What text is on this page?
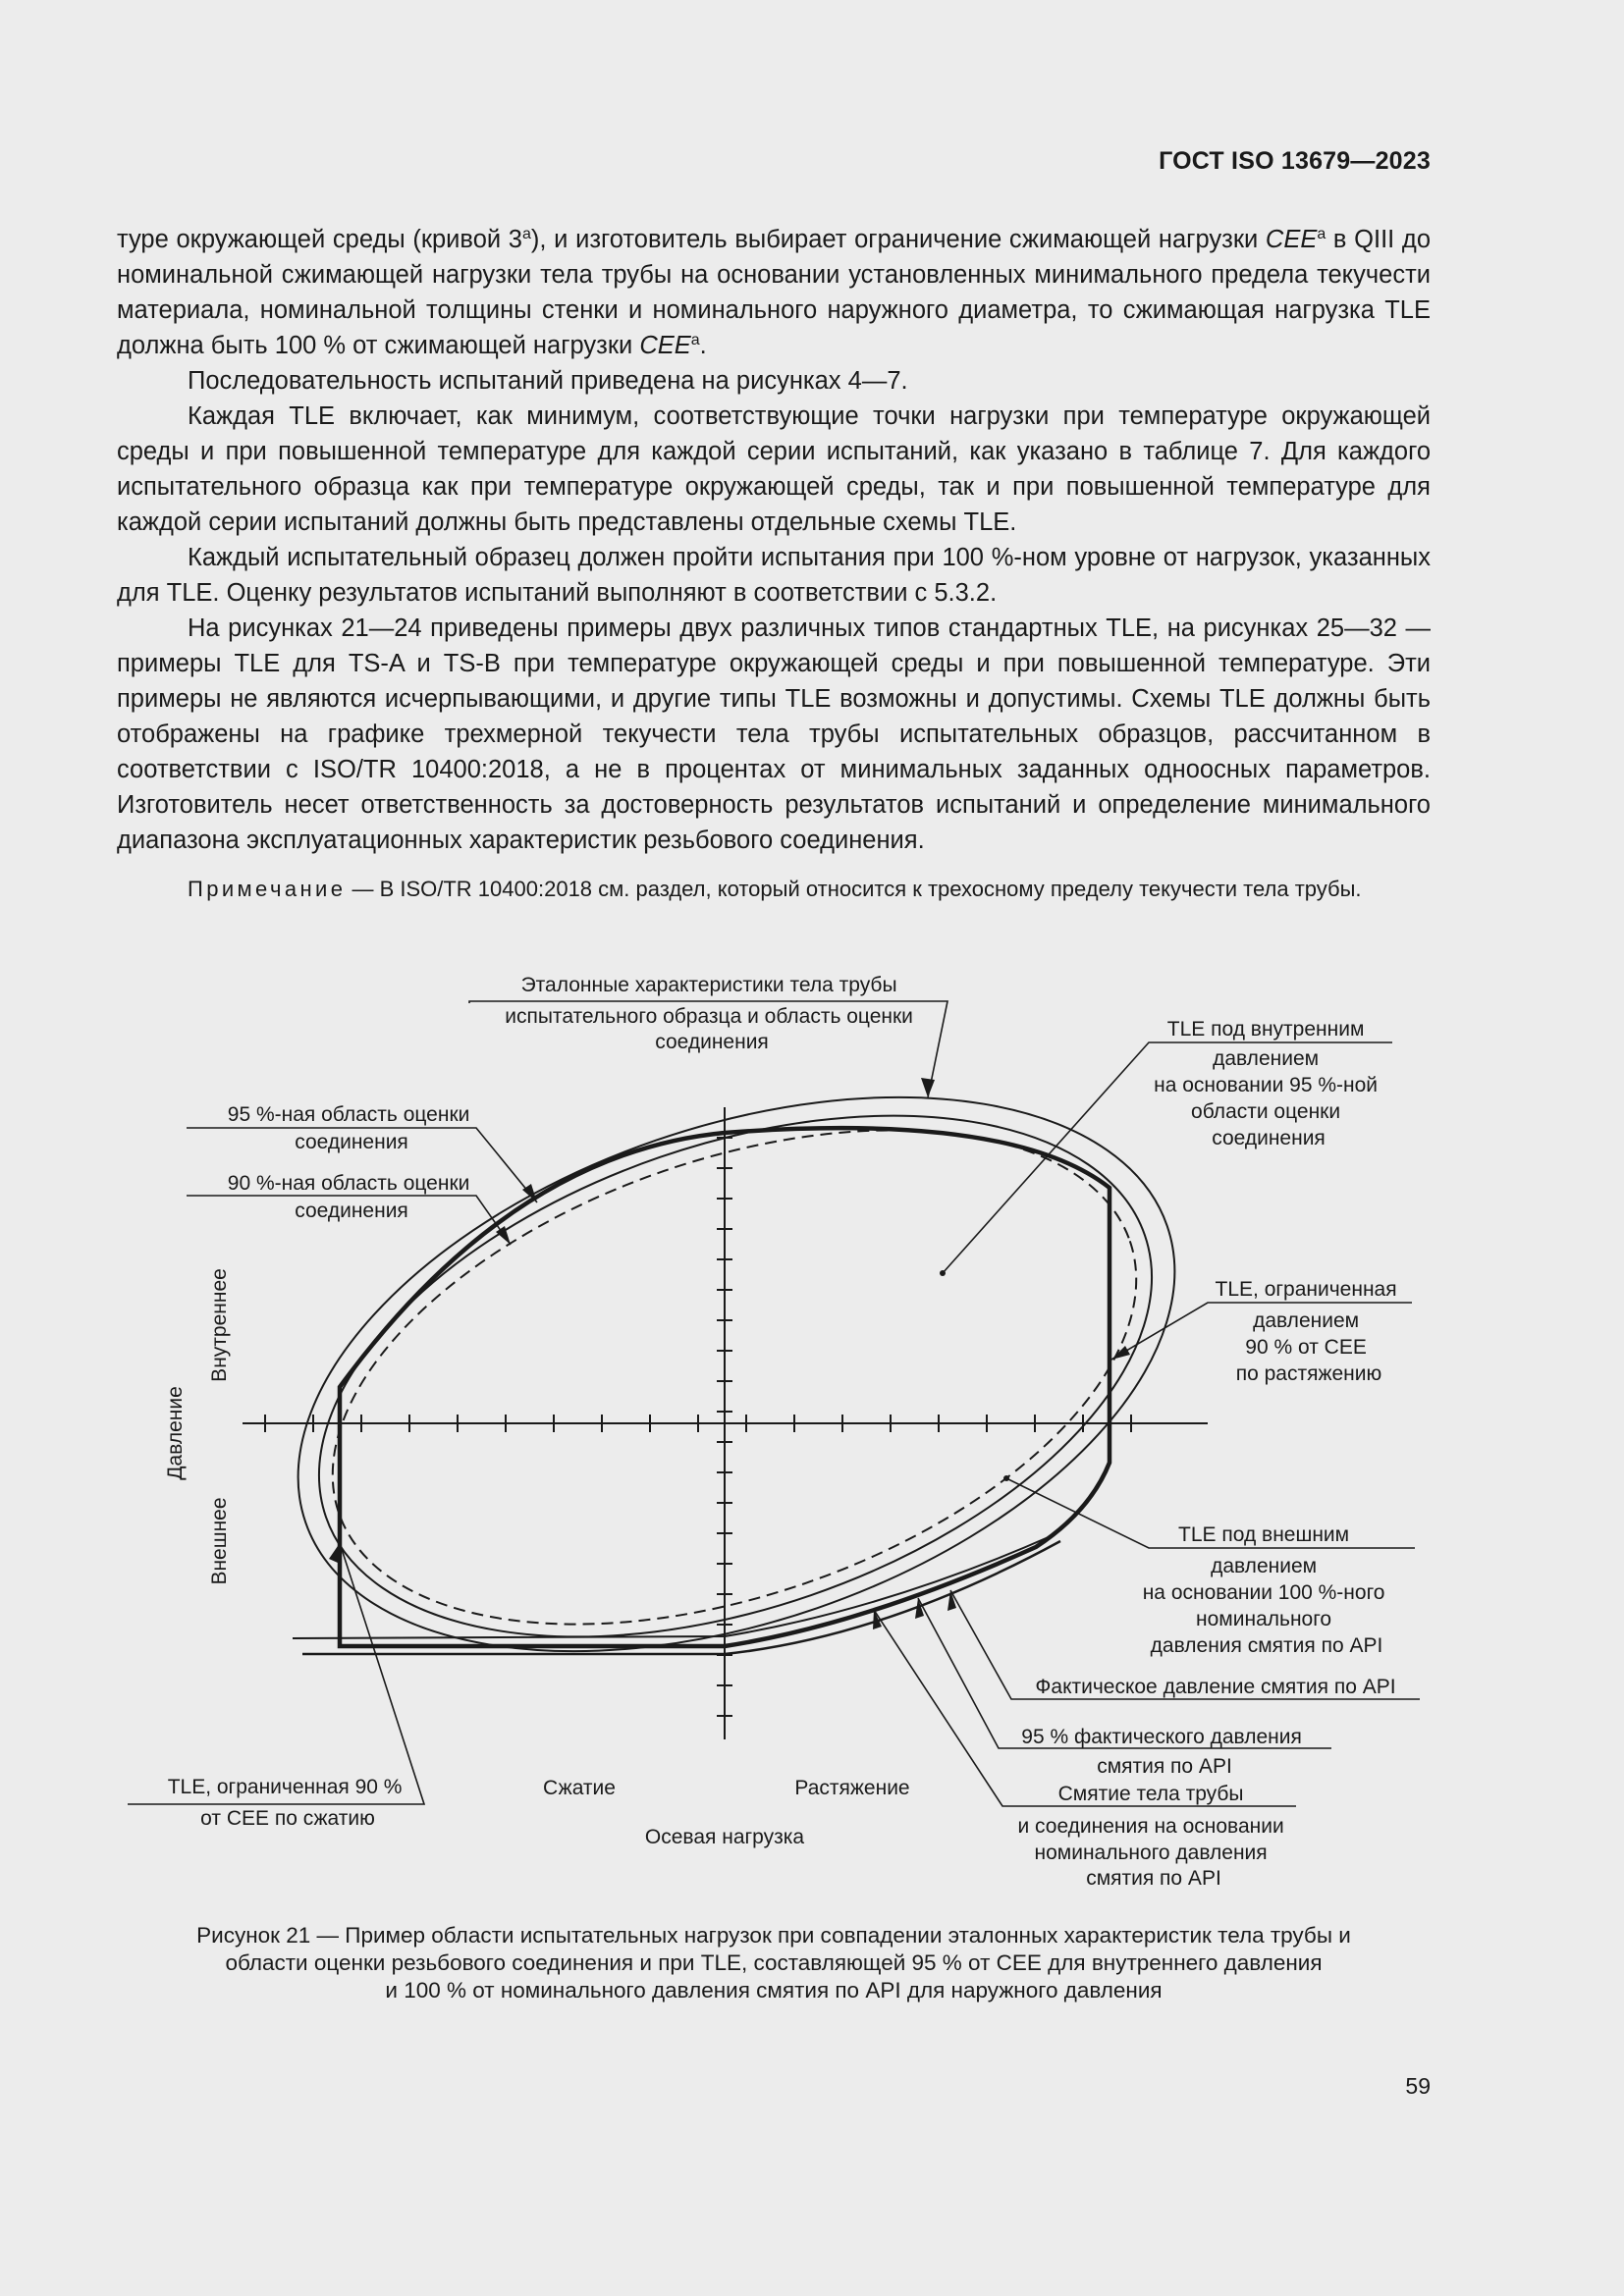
ГОСТ ISO 13679—2023

туре окружающей среды (кривой 3$^a$), и изготовитель выбирает ограничение сжимающей нагрузки CEE$^a$ в QIII до номинальной сжимающей нагрузки тела трубы на основании установленных минимального предела текучести материала, номинальной толщины стенки и номинального наружного диаметра, то сжимающая нагрузка TLE должна быть 100 % от сжимающей нагрузки CEE$^a$.

Последовательность испытаний приведена на рисунках 4—7.

Каждая TLE включает, как минимум, соответствующие точки нагрузки при температуре окружающей среды и при повышенной температуре для каждой серии испытаний, как указано в таблице 7. Для каждого испытательного образца как при температуре окружающей среды, так и при повышенной температуре для каждой серии испытаний должны быть представлены отдельные схемы TLE.

Каждый испытательный образец должен пройти испытания при 100 %-ном уровне от нагрузок, указанных для TLE. Оценку результатов испытаний выполняют в соответствии с 5.3.2.

На рисунках 21—24 приведены примеры двух различных типов стандартных TLE, на рисунках 25—32 — примеры TLE для TS-A и TS-B при температуре окружающей среды и при повышенной температуре. Эти примеры не являются исчерпывающими, и другие типы TLE возможны и допустимы. Схемы TLE должны быть отображены на графике трехмерной текучести тела трубы испытательных образцов, рассчитанном в соответствии с ISO/TR 10400:2018, а не в процентах от минимальных заданных одноосных параметров. Изготовитель несет ответственность за достоверность результатов испытаний и определение минимального диапазона эксплуатационных характеристик резьбового соединения.

Примечание — В ISO/TR 10400:2018 см. раздел, который относится к трехосному пределу текучести тела трубы.

Эталонные характеристики тела трубы испытательного образца и область оценки соединения
95 %-ная область оценки соединения
90 %-ная область оценки соединения
TLE под внутренним давлением на основании 95 %-ной области оценки соединения
TLE, ограниченная давлением 90 % от CEE по растяжению
TLE под внешним давлением на основании 100 %-ного номинального давления смятия по API
Фактическое давление смятия по API
95 % фактического давления смятия по API
Смятие тела трубы и соединения на основании номинального давления смятия по API
TLE, ограниченная 90 % от CEE по сжатию
Давление
Внутреннее
Внешнее
Сжатие	Растяжение
Осевая нагрузка
Рисунок 21 — Пример области испытательных нагрузок при совпадении эталонных характеристик тела трубы и
области оценки резьбового соединения и при TLE, составляющей 95 % от CEE для внутреннего давления
и 100 % от номинального давления смятия по API для наружного давления
59
